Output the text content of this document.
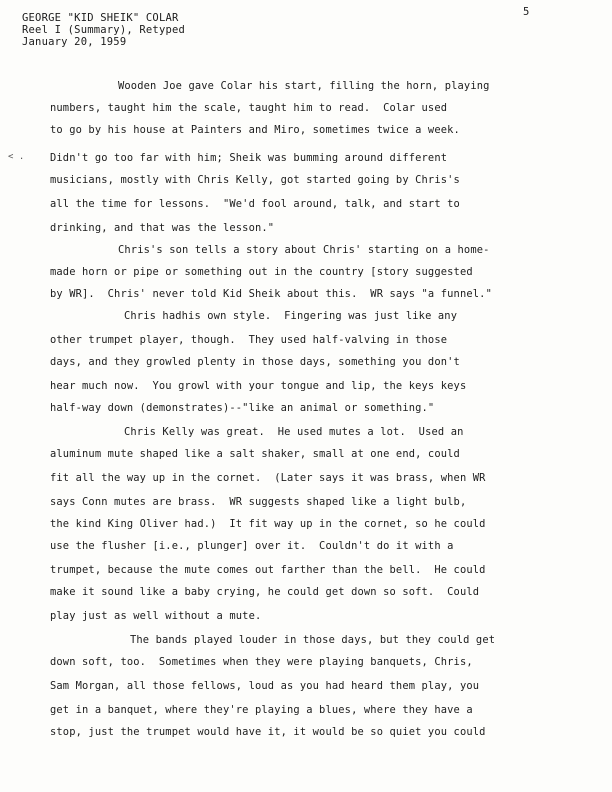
GEORGE "KID SHEIK" COLAR
Reel I (Summary), Retyped
January 20, 1959
5
< .
Wooden Joe gave Colar his start, filling the horn, playing
numbers, taught him the scale, taught him to read.  Colar used
to go by his house at Painters and Miro, sometimes twice a week.
Didn't go too far with him; Sheik was bumming around different
musicians, mostly with Chris Kelly, got started going by Chris's
all the time for lessons.  "We'd fool around, talk, and start to
drinking, and that was the lesson."
Chris's son tells a story about Chris' starting on a home-
made horn or pipe or something out in the country [story suggested
by WR].  Chris' never told Kid Sheik about this.  WR says "a funnel."
Chris hadhis own style.  Fingering was just like any
other trumpet player, though.  They used half-valving in those
days, and they growled plenty in those days, something you don't
hear much now.  You growl with your tongue and lip, the keys keys
half-way down (demonstrates)--"like an animal or something."
Chris Kelly was great.  He used mutes a lot.  Used an
aluminum mute shaped like a salt shaker, small at one end, could
fit all the way up in the cornet.  (Later says it was brass, when WR
says Conn mutes are brass.  WR suggests shaped like a light bulb,
the kind King Oliver had.)  It fit way up in the cornet, so he could
use the flusher [i.e., plunger] over it.  Couldn't do it with a
trumpet, because the mute comes out farther than the bell.  He could
make it sound like a baby crying, he could get down so soft.  Could
play just as well without a mute.
The bands played louder in those days, but they could get
down soft, too.  Sometimes when they were playing banquets, Chris,
Sam Morgan, all those fellows, loud as you had heard them play, you
get in a banquet, where they're playing a blues, where they have a
stop, just the trumpet would have it, it would be so quiet you could
